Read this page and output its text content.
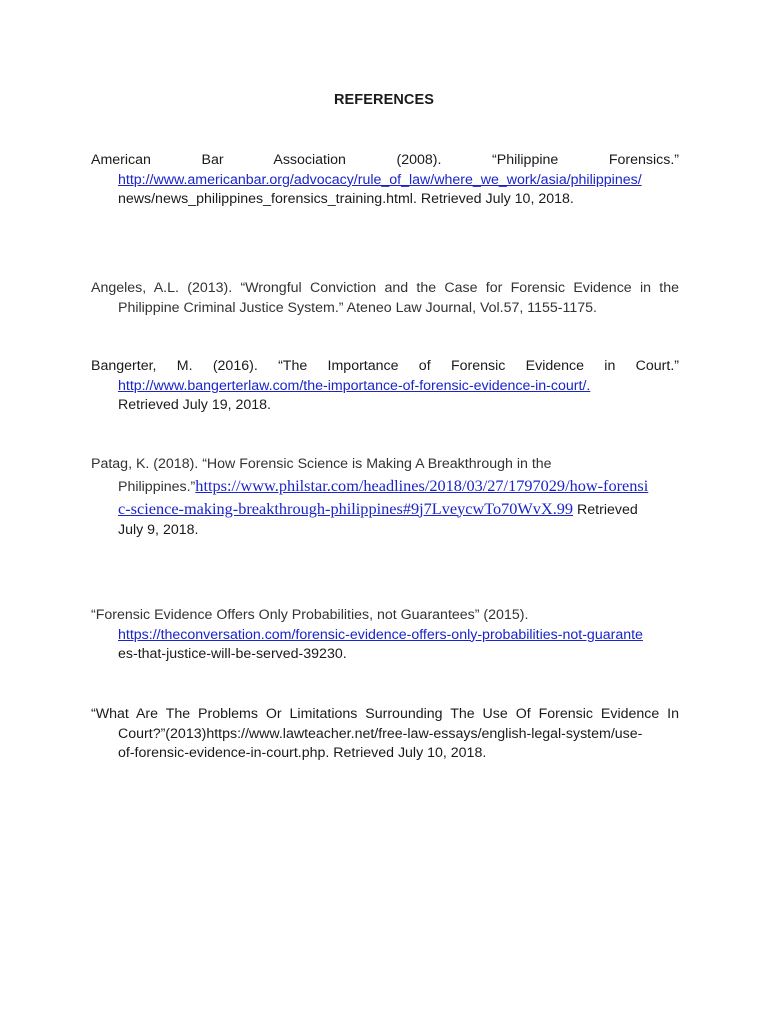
REFERENCES
American Bar Association (2008). “Philippine Forensics.”
http://www.americanbar.org/advocacy/rule_of_law/where_we_work/asia/philippines/
news/news_philippines_forensics_training.html. Retrieved July 10, 2018.
Angeles, A.L. (2013). “Wrongful Conviction and the Case for Forensic Evidence in the
Philippine Criminal Justice System.” Ateneo Law Journal, Vol.57, 1155-1175.
Bangerter, M. (2016). “The Importance of Forensic Evidence in Court.”
http://www.bangerterlaw.com/the-importance-of-forensic-evidence-in-court/.
Retrieved July 19, 2018.
Patag, K. (2018). “How Forensic Science is Making A Breakthrough in the
Philippines.”https://www.philstar.com/headlines/2018/03/27/1797029/how-forensi
c-science-making-breakthrough-philippines#9j7LveycwTo70WvX.99 Retrieved
July 9, 2018.
“Forensic Evidence Offers Only Probabilities, not Guarantees” (2015).
https://theconversation.com/forensic-evidence-offers-only-probabilities-not-guarante
es-that-justice-will-be-served-39230.
“What Are The Problems Or Limitations Surrounding The Use Of Forensic Evidence In
Court?”(2013)https://www.lawteacher.net/free-law-essays/english-legal-system/use-
of-forensic-evidence-in-court.php. Retrieved July 10, 2018.
